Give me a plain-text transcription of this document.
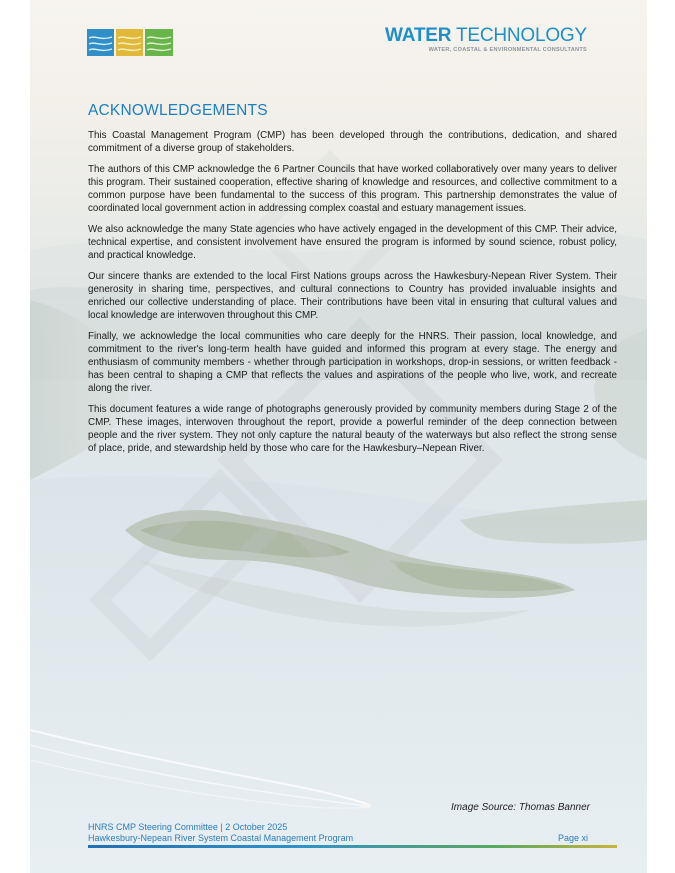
WATER TECHNOLOGY
WATER, COASTAL & ENVIRONMENTAL CONSULTANTS
ACKNOWLEDGEMENTS

This Coastal Management Program (CMP) has been developed through the contributions, dedication, and shared commitment of a diverse group of stakeholders.

The authors of this CMP acknowledge the 6 Partner Councils that have worked collaboratively over many years to deliver this program. Their sustained cooperation, effective sharing of knowledge and resources, and collective commitment to a common purpose have been fundamental to the success of this program. This partnership demonstrates the value of coordinated local government action in addressing complex coastal and estuary management issues.

We also acknowledge the many State agencies who have actively engaged in the development of this CMP. Their advice, technical expertise, and consistent involvement have ensured the program is informed by sound science, robust policy, and practical knowledge.

Our sincere thanks are extended to the local First Nations groups across the Hawkesbury-Nepean River System. Their generosity in sharing time, perspectives, and cultural connections to Country has provided invaluable insights and enriched our collective understanding of place. Their contributions have been vital in ensuring that cultural values and local knowledge are interwoven throughout this CMP.

Finally, we acknowledge the local communities who care deeply for the HNRS. Their passion, local knowledge, and commitment to the river's long-term health have guided and informed this program at every stage. The energy and enthusiasm of community members - whether through participation in workshops, drop-in sessions, or written feedback - has been central to shaping a CMP that reflects the values and aspirations of the people who live, work, and recreate along the river.

This document features a wide range of photographs generously provided by community members during Stage 2 of the CMP. These images, interwoven throughout the report, provide a powerful reminder of the deep connection between people and the river system. They not only capture the natural beauty of the waterways but also reflect the strong sense of place, pride, and stewardship held by those who care for the Hawkesbury–Nepean River.

Image Source: Thomas Banner
HNRS CMP Steering Committee | 2 October 2025
Hawkesbury-Nepean River System Coastal Management Program	Page xi
